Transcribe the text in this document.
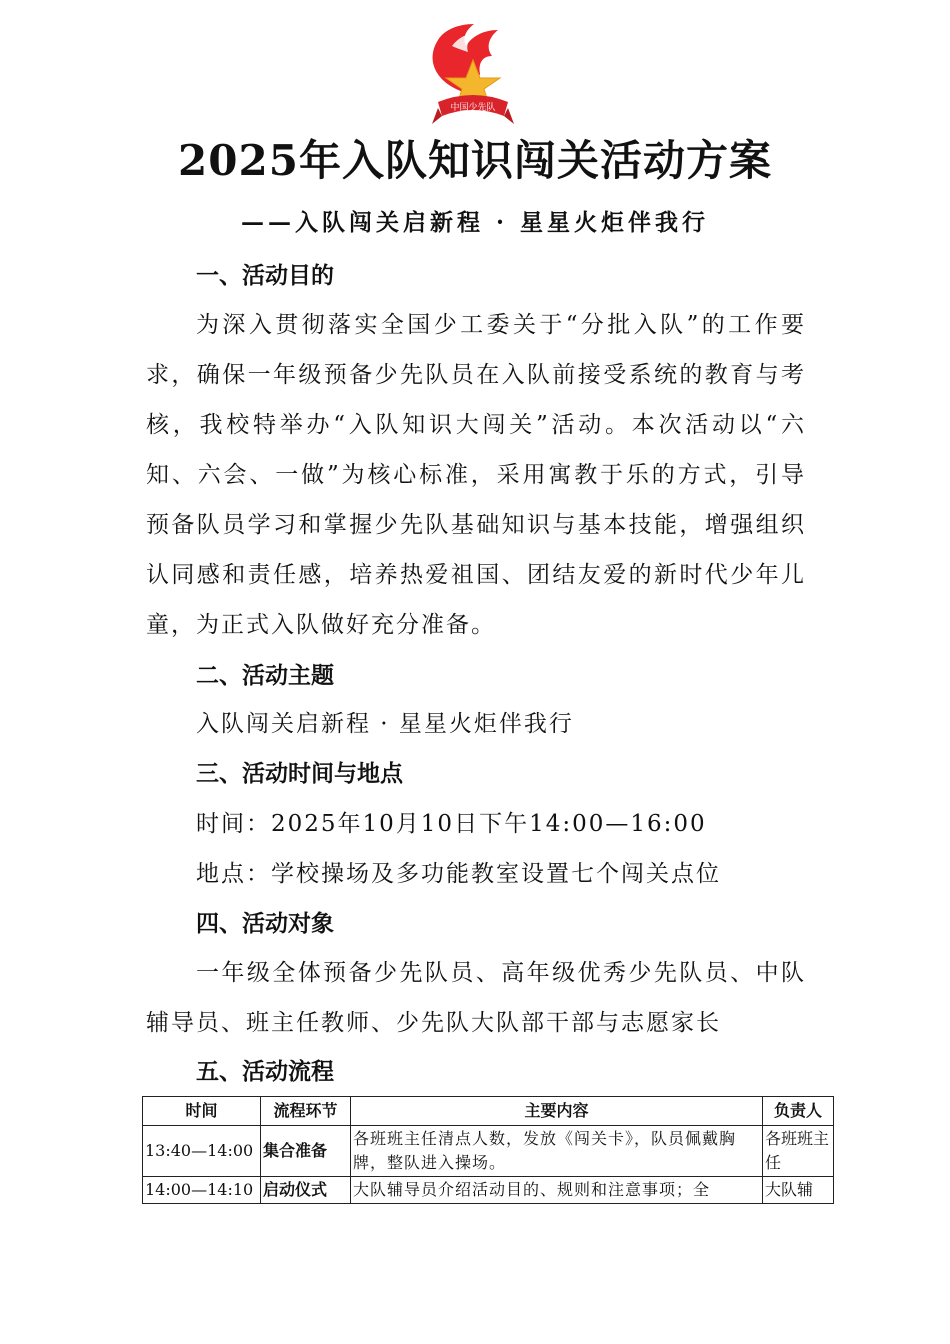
中国少先队
2025年入队知识闯关活动方案

——入队闯关启新程 · 星星火炬伴我行

一、活动目的

为深入贯彻落实全国少工委关于“分批入队”的工作要求，确保一年级预备少先队员在入队前接受系统的教育与考核，我校特举办“入队知识大闯关”活动。本次活动以“六知、六会、一做”为核心标准，采用寓教于乐的方式，引导预备队员学习和掌握少先队基础知识与基本技能，增强组织认同感和责任感，培养热爱祖国、团结友爱的新时代少年儿童，为正式入队做好充分准备。

二、活动主题

入队闯关启新程 · 星星火炬伴我行

三、活动时间与地点

时间：2025年10月10日下午14:00—16:00

地点：学校操场及多功能教室设置七个闯关点位

四、活动对象

一年级全体预备少先队员、高年级优秀少先队员、中队辅导员、班主任教师、少先队大队部干部与志愿家长

五、活动流程
时间	流程环节	主要内容	负责人
13:40—14:00	集合准备	各班班主任清点人数，发放《闯关卡》，队员佩戴胸牌，整队进入操场。	各班班主任
14:00—14:10	启动仪式	大队辅导员介绍活动目的、规则和注意事项；全	大队辅
